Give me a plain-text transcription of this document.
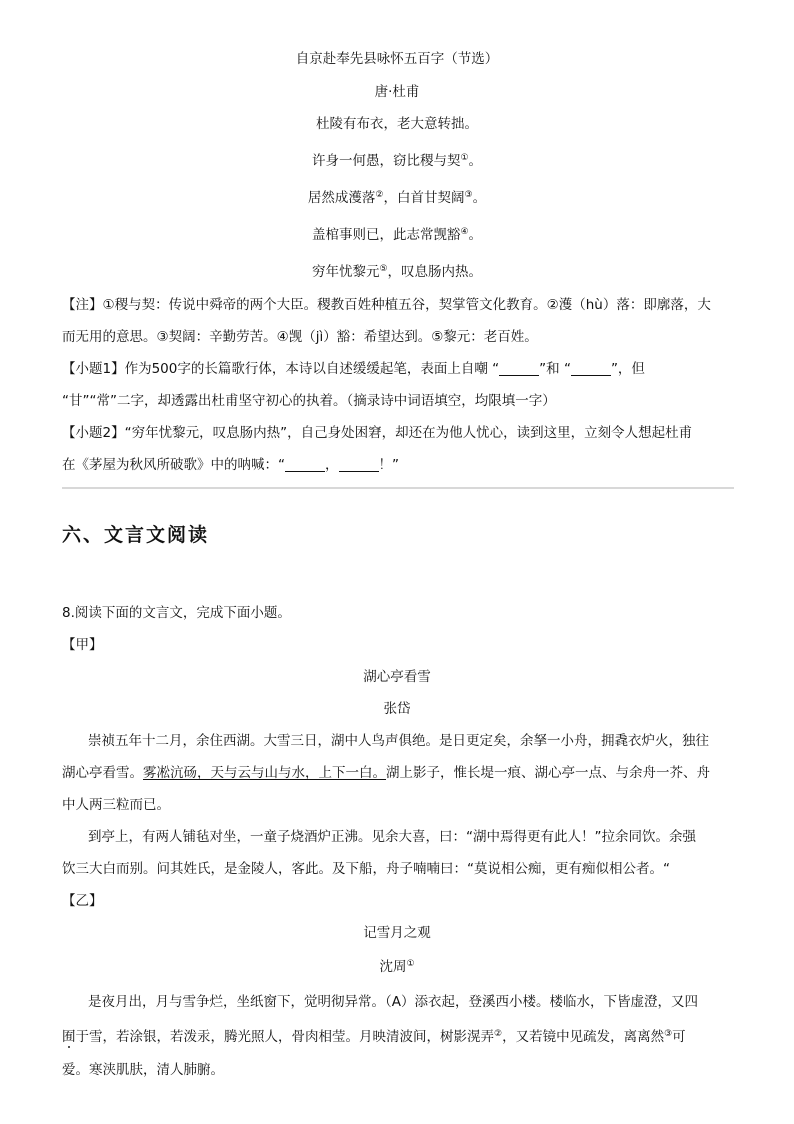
自京赴奉先县咏怀五百字（节选）
唐·杜甫
杜陵有布衣，老大意转拙。
许身一何愚，窃比稷与契①。
居然成濩落②，白首甘契阔③。
盖棺事则已，此志常觊豁④。
穷年忧黎元⑤，叹息肠内热。
【注】①稷与契：传说中舜帝的两个大臣。稷教百姓种植五谷，契掌管文化教育。②濩（hù）落：即廓落，大
而无用的意思。③契阔：辛勤劳苦。④觊（jì）豁：希望达到。⑤黎元：老百姓。
【小题1】作为500字的长篇歌行体，本诗以自述缓缓起笔，表面上自嘲 “	”和 “	”，但
“甘”“常”二字，却透露出杜甫坚守初心的执着。（摘录诗中词语填空，均限填一字）
【小题2】“穷年忧黎元，叹息肠内热”，自己身处困窘，却还在为他人忧心，读到这里，立刻令人想起杜甫
在《茅屋为秋风所破歌》中的呐喊：“	，	！”
六、文言文阅读
8.阅读下面的文言文，完成下面小题。
【甲】
湖心亭看雪
张岱
崇祯五年十二月，余住西湖。大雪三日，湖中人鸟声俱绝。是日更定矣，余拏一小舟，拥毳衣炉火，独往
湖心亭看雪。雾凇沆砀，天与云与山与水，上下一白。湖上影子，惟长堤一痕、湖心亭一点、与余舟一芥、舟
中人两三粒而已。
到亭上，有两人铺毡对坐，一童子烧酒炉正沸。见余大喜，曰：“湖中焉得更有此人！”拉余同饮。余强
饮三大白而别。问其姓氏，是金陵人，客此。及下船，舟子喃喃曰：“莫说相公痴，更有痴似相公者。“
【乙】
记雪月之观
沈周①
是夜月出，月与雪争烂，坐纸窗下，觉明彻异常。（A）添衣起，登溪西小楼。楼临水，下皆虚澄，又四
囿于雪，若涂银，若泼汞，腾光照人，骨肉相莹。月映清波间，树影滉弄②，又若镜中见疏发，离离然③可
爱。寒浃肌肤，清人肺腑。
